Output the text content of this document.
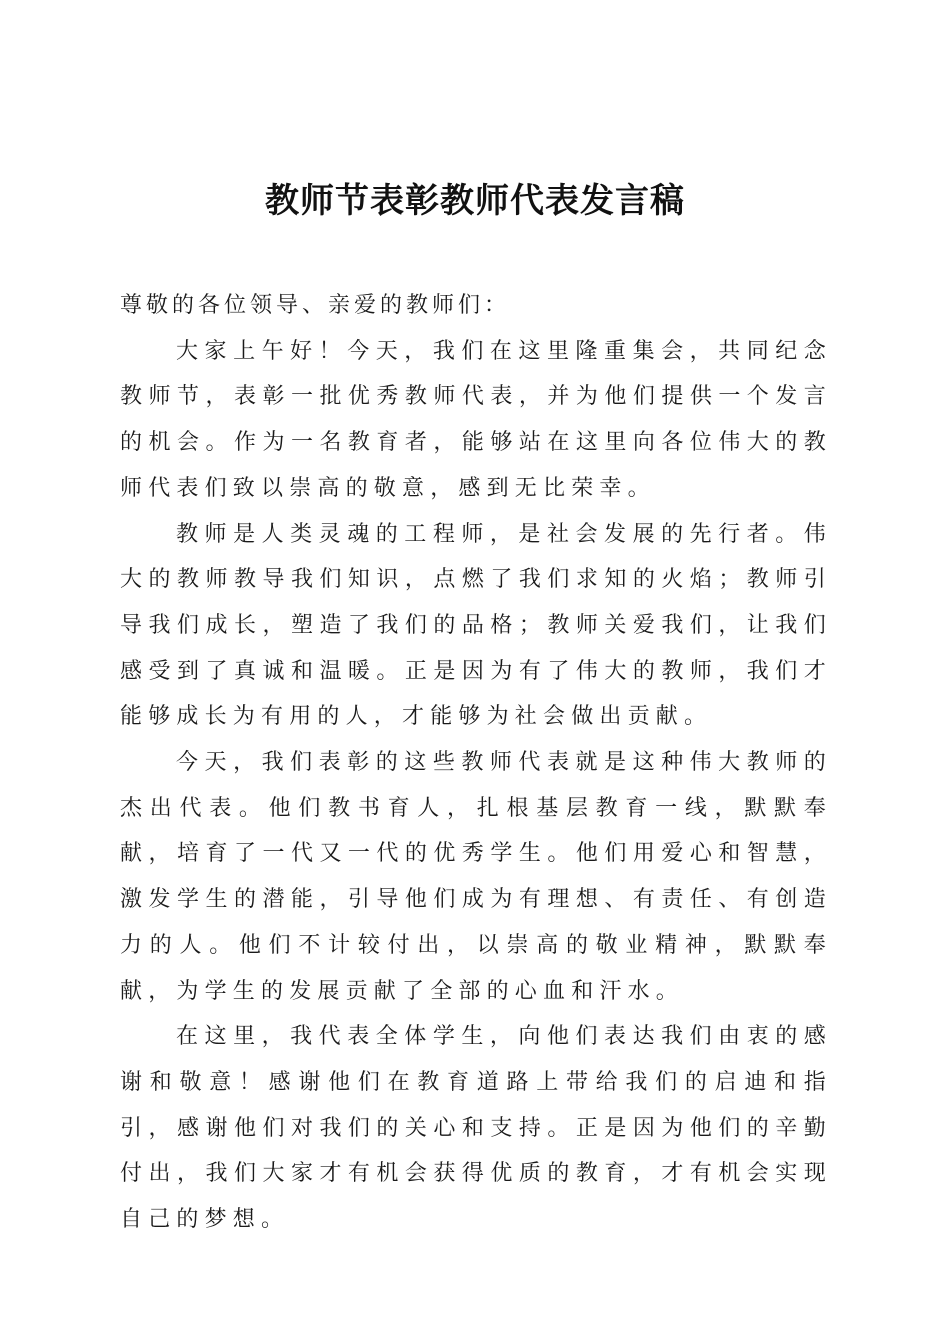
教师节表彰教师代表发言稿

尊敬的各位领导、亲爱的教师们：

大家上午好！今天，我们在这里隆重集会，共同纪念教师节，表彰一批优秀教师代表，并为他们提供一个发言的机会。作为一名教育者，能够站在这里向各位伟大的教师代表们致以崇高的敬意，感到无比荣幸。

教师是人类灵魂的工程师，是社会发展的先行者。伟大的教师教导我们知识，点燃了我们求知的火焰；教师引导我们成长，塑造了我们的品格；教师关爱我们，让我们感受到了真诚和温暖。正是因为有了伟大的教师，我们才能够成长为有用的人，才能够为社会做出贡献。

今天，我们表彰的这些教师代表就是这种伟大教师的杰出代表。他们教书育人，扎根基层教育一线，默默奉献，培育了一代又一代的优秀学生。他们用爱心和智慧，激发学生的潜能，引导他们成为有理想、有责任、有创造力的人。他们不计较付出，以崇高的敬业精神，默默奉献，为学生的发展贡献了全部的心血和汗水。

在这里，我代表全体学生，向他们表达我们由衷的感谢和敬意！感谢他们在教育道路上带给我们的启迪和指引，感谢他们对我们的关心和支持。正是因为他们的辛勤付出，我们大家才有机会获得优质的教育，才有机会实现自己的梦想。
